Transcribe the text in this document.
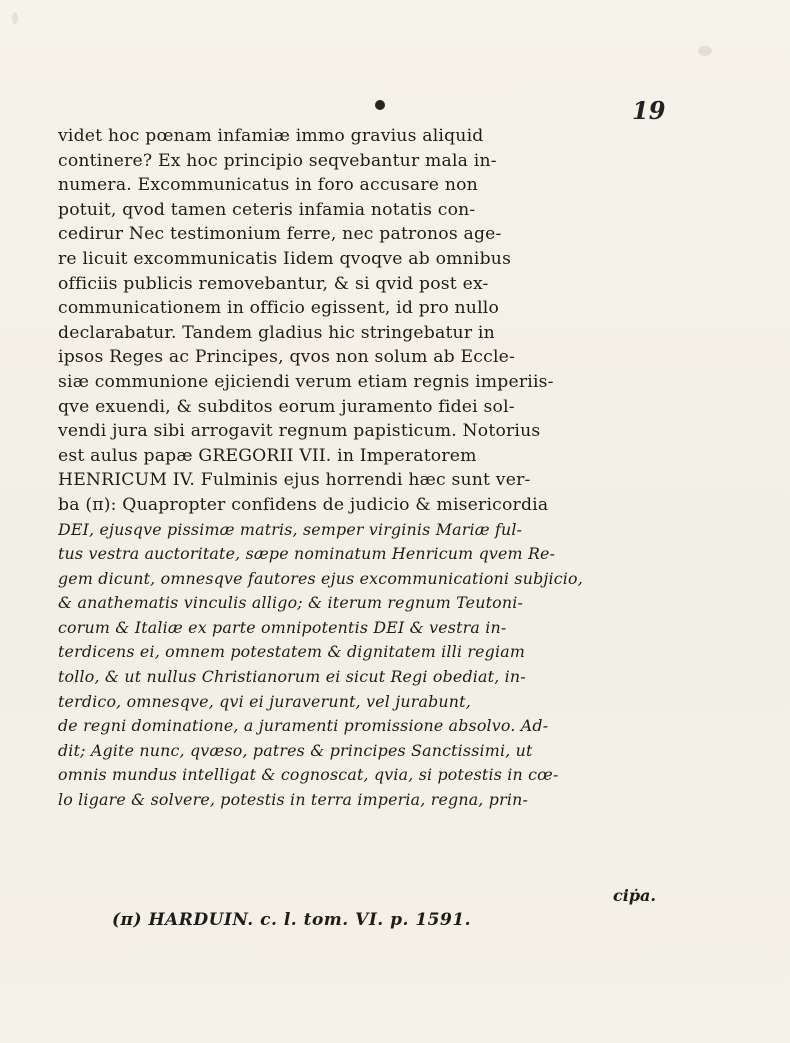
19
videt hoc pœnam infamiæ immo gravius aliquid
continere? Ex hoc principio seqvebantur mala in-
numera. Excommunicatus in foro accusare non
potuit, qvod tamen ceteris infamia notatis con-
cedirur Nec testimonium ferre, nec patronos age-
re licuit excommunicatis Iidem qvoqve ab omnibus
officiis publicis removebantur, & si qvid post ex-
communicationem in officio egissent, id pro nullo
declarabatur. Tandem gladius hic stringebatur in
ipsos Reges ac Principes, qvos non solum ab Eccle-
siæ communione ejiciendi verum etiam regnis imperiis-
qve exuendi, & subditos eorum juramento fidei sol-
vendi jura sibi arrogavit regnum papisticum. Notorius
est aulus papæ GREGORII VII. in Imperatorem
HENRICUM IV. Fulminis ejus horrendi hæc sunt ver-
ba (π): Quapropter confidens de judicio & misericordia
DEI, ejusqve pissimæ matris, semper virginis Mariæ ful-
tus vestra auctoritate, sæpe nominatum Henricum qvem Re-
gem dicunt, omnesqve fautores ejus excommunicationi subjicio,
& anathematis vinculis alligo; & iterum regnum Teutoni-
corum & Italiæ ex parte omnipotentis DEI & vestra in-
terdicens ei, omnem potestatem & dignitatem illi regiam
tollo, & ut nullus Christianorum ei sicut Regi obediat, in-
terdico, omnesqve, qvi ei juraverunt, vel jurabunt,
de regni dominatione, a juramenti promissione absolvo. Ad-
dit; Agite nunc, qvæso, patres & principes Sanctissimi, ut
omnis mundus intelligat & cognoscat, qvia, si potestis in cœ-
lo ligare & solvere, potestis in terra imperia, regna, prin-
ciṗa.
(π) HARDUIN. c. l. tom. VI. p. 1591.
